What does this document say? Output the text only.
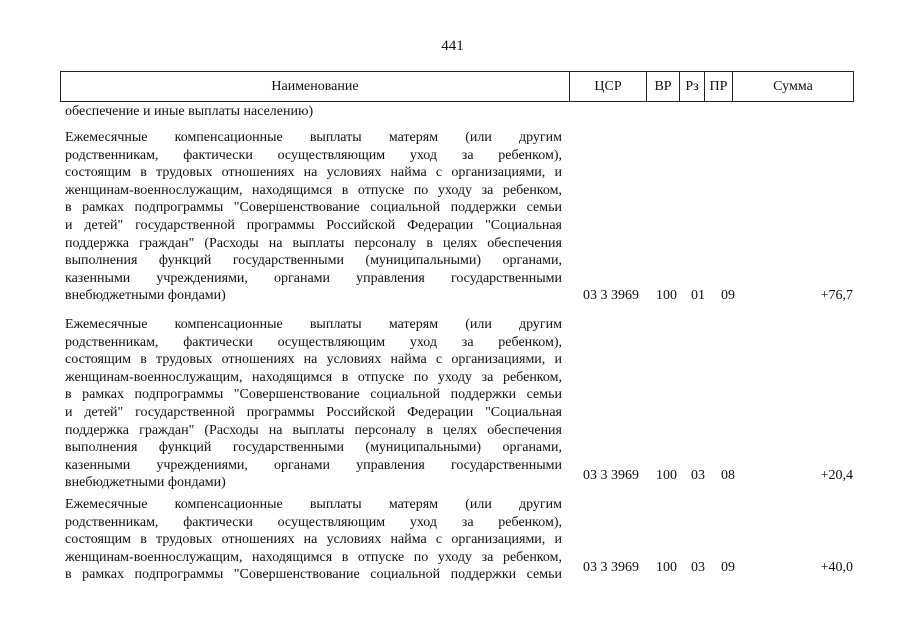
441
Наименование	ЦСР	ВР Рз ПР	Сумма
обеспечение и иные выплаты населению)
Ежемесячные компенсационные выплаты матерям (или другим
родственникам, фактически осуществляющим уход за ребенком),
состоящим в трудовых отношениях на условиях найма с организациями, и
женщинам-военнослужащим, находящимся в отпуске по уходу за ребенком,
в рамках подпрограммы "Совершенствование социальной поддержки семьи
и детей" государственной программы Российской Федерации "Социальная
поддержка граждан" (Расходы на выплаты персоналу в целях обеспечения
выполнения функций государственными (муниципальными) органами,
казенными учреждениями, органами управления государственными
внебюджетными фондами)	03 3 3969 100 01 09	+76,7
Ежемесячные компенсационные выплаты матерям (или другим
родственникам, фактически осуществляющим уход за ребенком),
состоящим в трудовых отношениях на условиях найма с организациями, и
женщинам-военнослужащим, находящимся в отпуске по уходу за ребенком,
в рамках подпрограммы "Совершенствование социальной поддержки семьи
и детей" государственной программы Российской Федерации "Социальная
поддержка граждан" (Расходы на выплаты персоналу в целях обеспечения
выполнения функций государственными (муниципальными) органами,
казенными учреждениями, органами управления государственными
внебюджетными фондами)	03 3 3969 100 03 08	+20,4
Ежемесячные компенсационные выплаты матерям (или другим
родственникам, фактически осуществляющим уход за ребенком),
состоящим в трудовых отношениях на условиях найма с организациями, и
женщинам-военнослужащим, находящимся в отпуске по уходу за ребенком,
в рамках подпрограммы "Совершенствование социальной поддержки семьи 03 3 3969 100 03 09	+40,0
